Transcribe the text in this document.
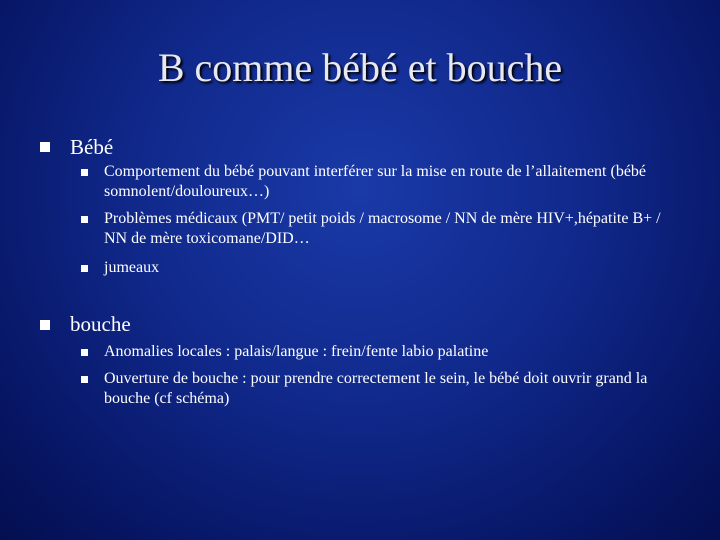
B comme bébé et bouche
Bébé
Comportement du bébé pouvant interférer sur la mise en route de l’allaitement (bébé somnolent/douloureux…)
Problèmes médicaux (PMT/ petit poids / macrosome / NN de mère HIV+,hépatite B+ / NN de mère toxicomane/DID…
jumeaux
bouche
Anomalies locales : palais/langue : frein/fente labio palatine
Ouverture de bouche : pour prendre correctement le sein, le bébé doit ouvrir grand la bouche (cf schéma)
